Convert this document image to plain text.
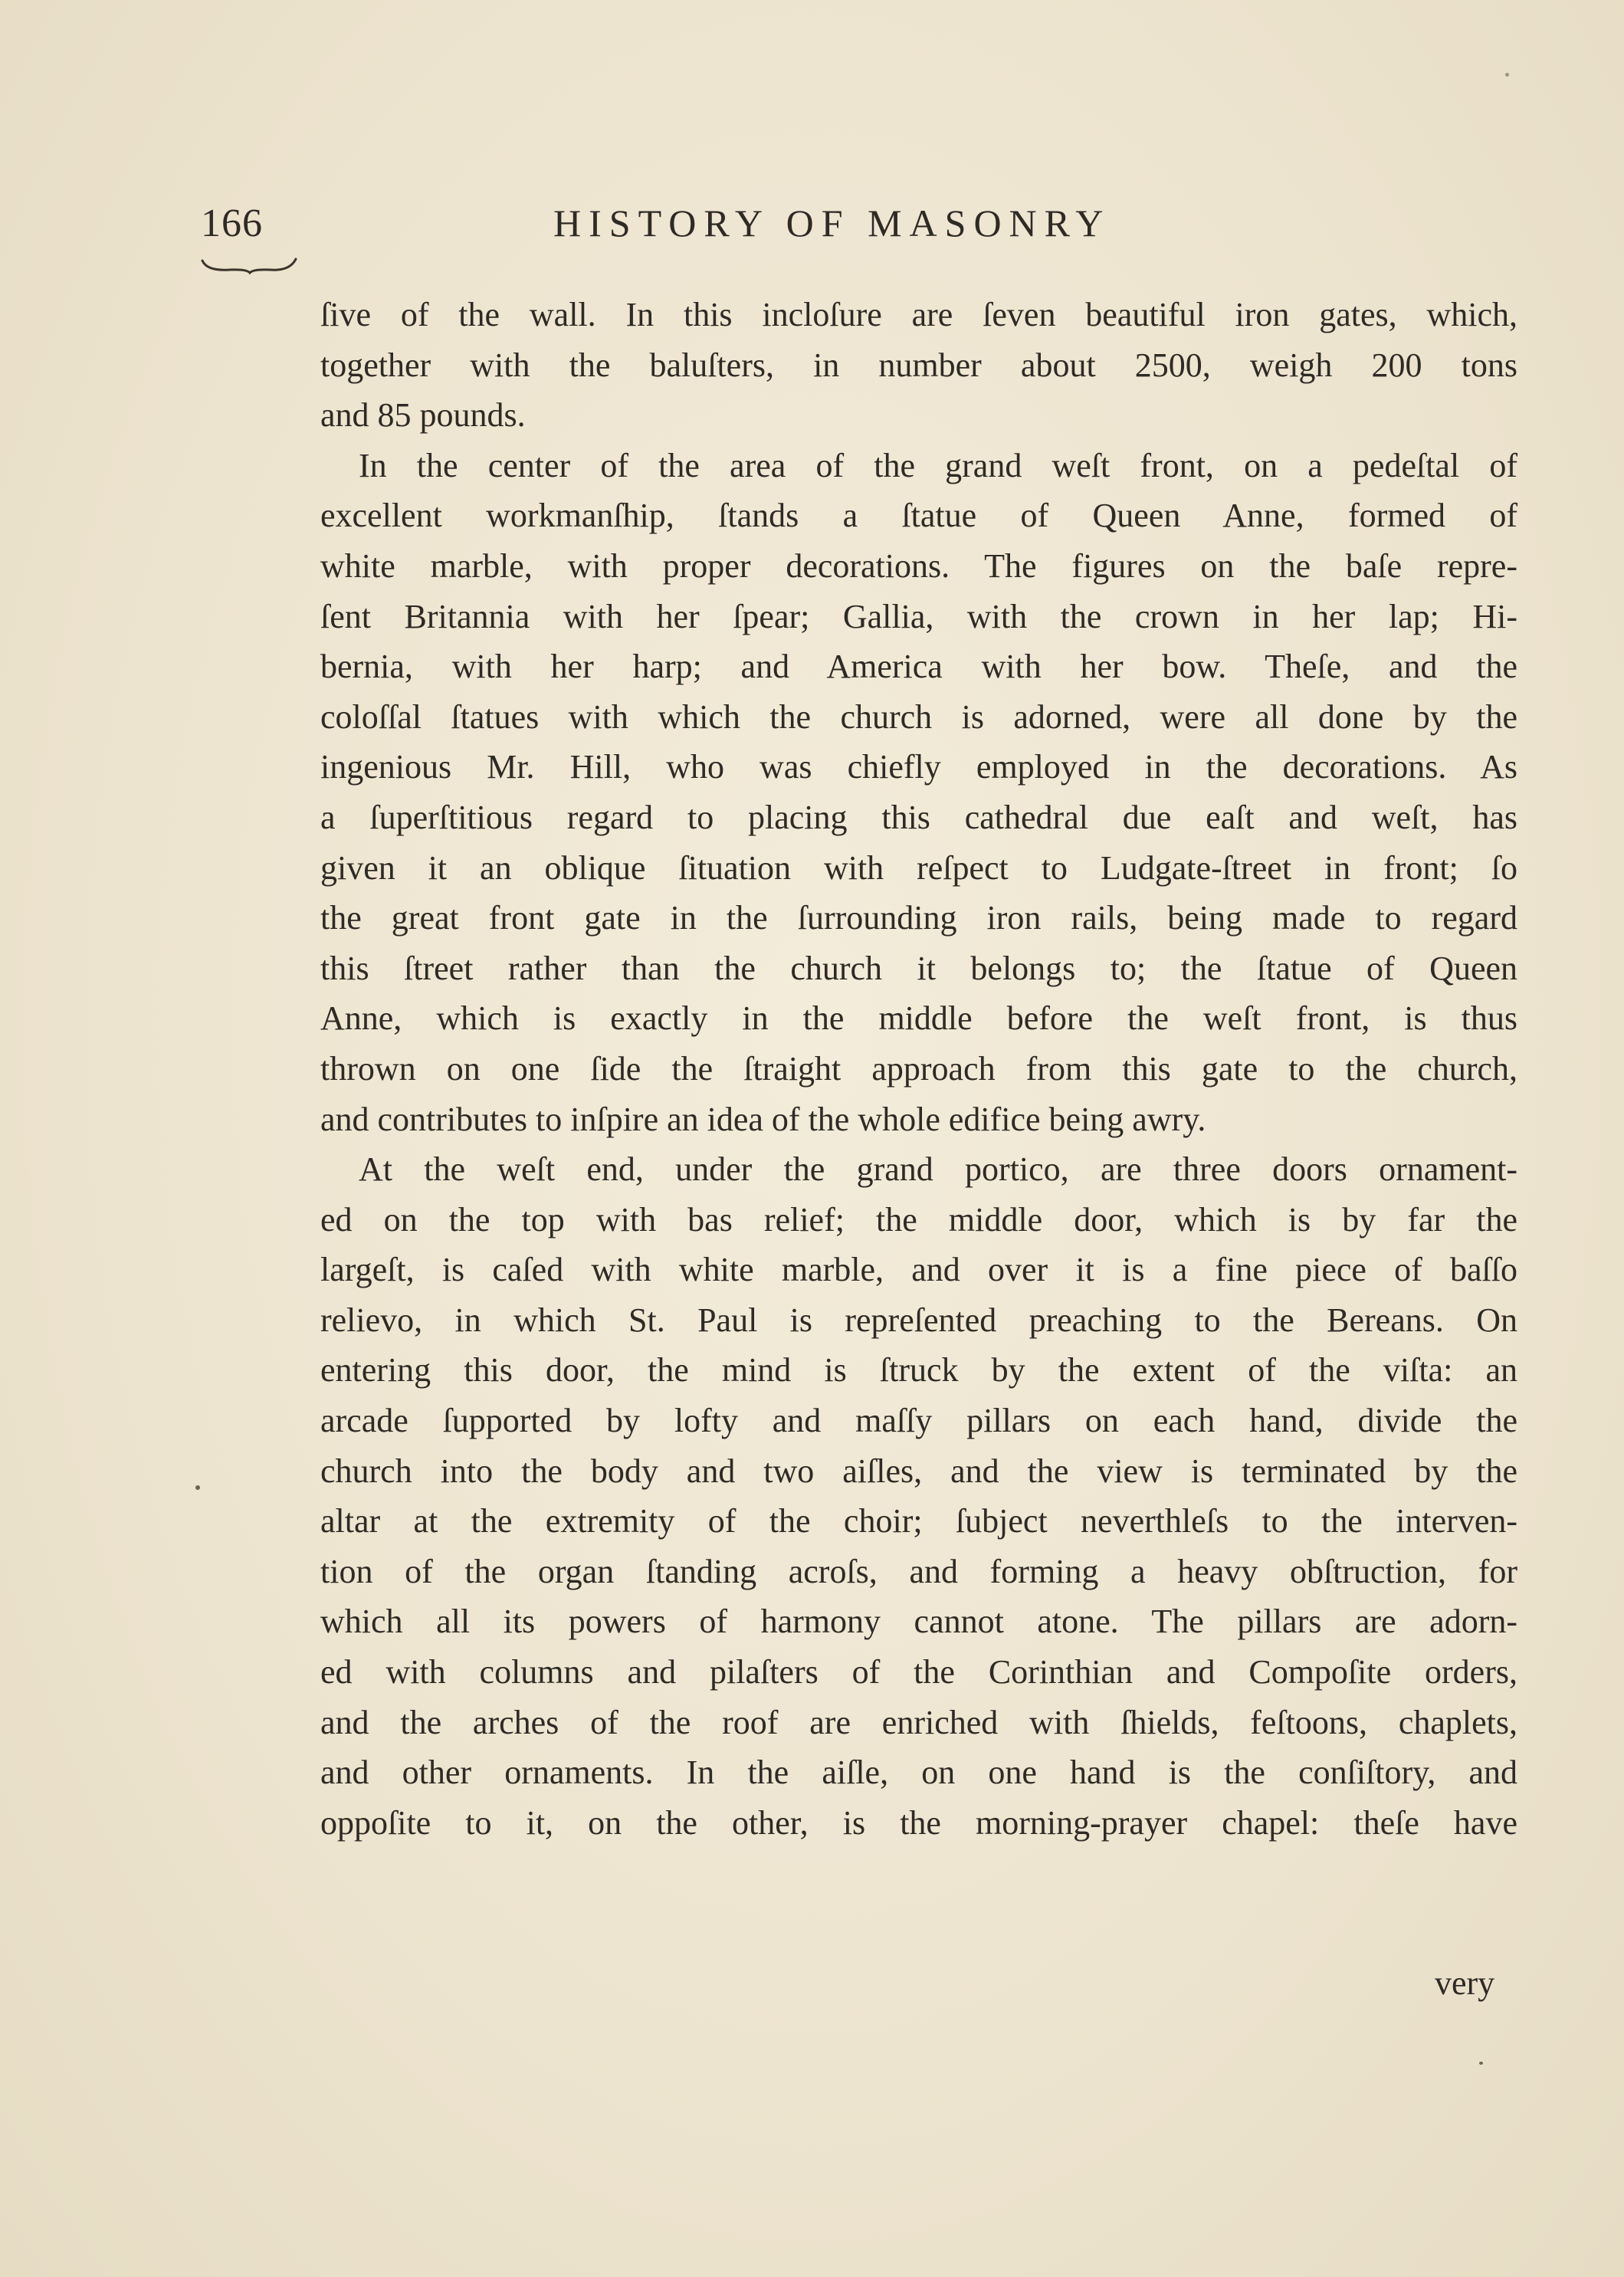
166	HISTORY OF MASONRY
ſive of the wall. In this incloſure are ſeven beautiful iron gates, which,
together with the baluſters, in number about 2500, weigh 200 tons
and 85 pounds.
In the center of the area of the grand weſt front, on a pedeſtal of
excellent workmanſhip, ſtands a ſtatue of Queen Anne, formed of
white marble, with proper decorations. The figures on the baſe repre-
ſent Britannia with her ſpear; Gallia, with the crown in her lap; Hi-
bernia, with her harp; and America with her bow. Theſe, and the
coloſſal ſtatues with which the church is adorned, were all done by the
ingenious Mr. Hill, who was chiefly employed in the decorations. As
a ſuperſtitious regard to placing this cathedral due eaſt and weſt, has
given it an oblique ſituation with reſpect to Ludgate-ſtreet in front; ſo
the great front gate in the ſurrounding iron rails, being made to regard
this ſtreet rather than the church it belongs to; the ſtatue of Queen
Anne, which is exactly in the middle before the weſt front, is thus
thrown on one ſide the ſtraight approach from this gate to the church,
and contributes to inſpire an idea of the whole edifice being awry.
At the weſt end, under the grand portico, are three doors ornament-
ed on the top with bas relief; the middle door, which is by far the
largeſt, is caſed with white marble, and over it is a fine piece of baſſo
relievo, in which St. Paul is repreſented preaching to the Bereans. On
entering this door, the mind is ſtruck by the extent of the viſta: an
arcade ſupported by lofty and maſſy pillars on each hand, divide the
church into the body and two aiſles, and the view is terminated by the
altar at the extremity of the choir; ſubject neverthleſs to the interven-
tion of the organ ſtanding acroſs, and forming a heavy obſtruction, for
which all its powers of harmony cannot atone. The pillars are adorn-
ed with columns and pilaſters of the Corinthian and Compoſite orders,
and the arches of the roof are enriched with ſhields, feſtoons, chaplets,
and other ornaments. In the aiſle, on one hand is the conſiſtory, and
oppoſite to it, on the other, is the morning-prayer chapel: theſe have
very
